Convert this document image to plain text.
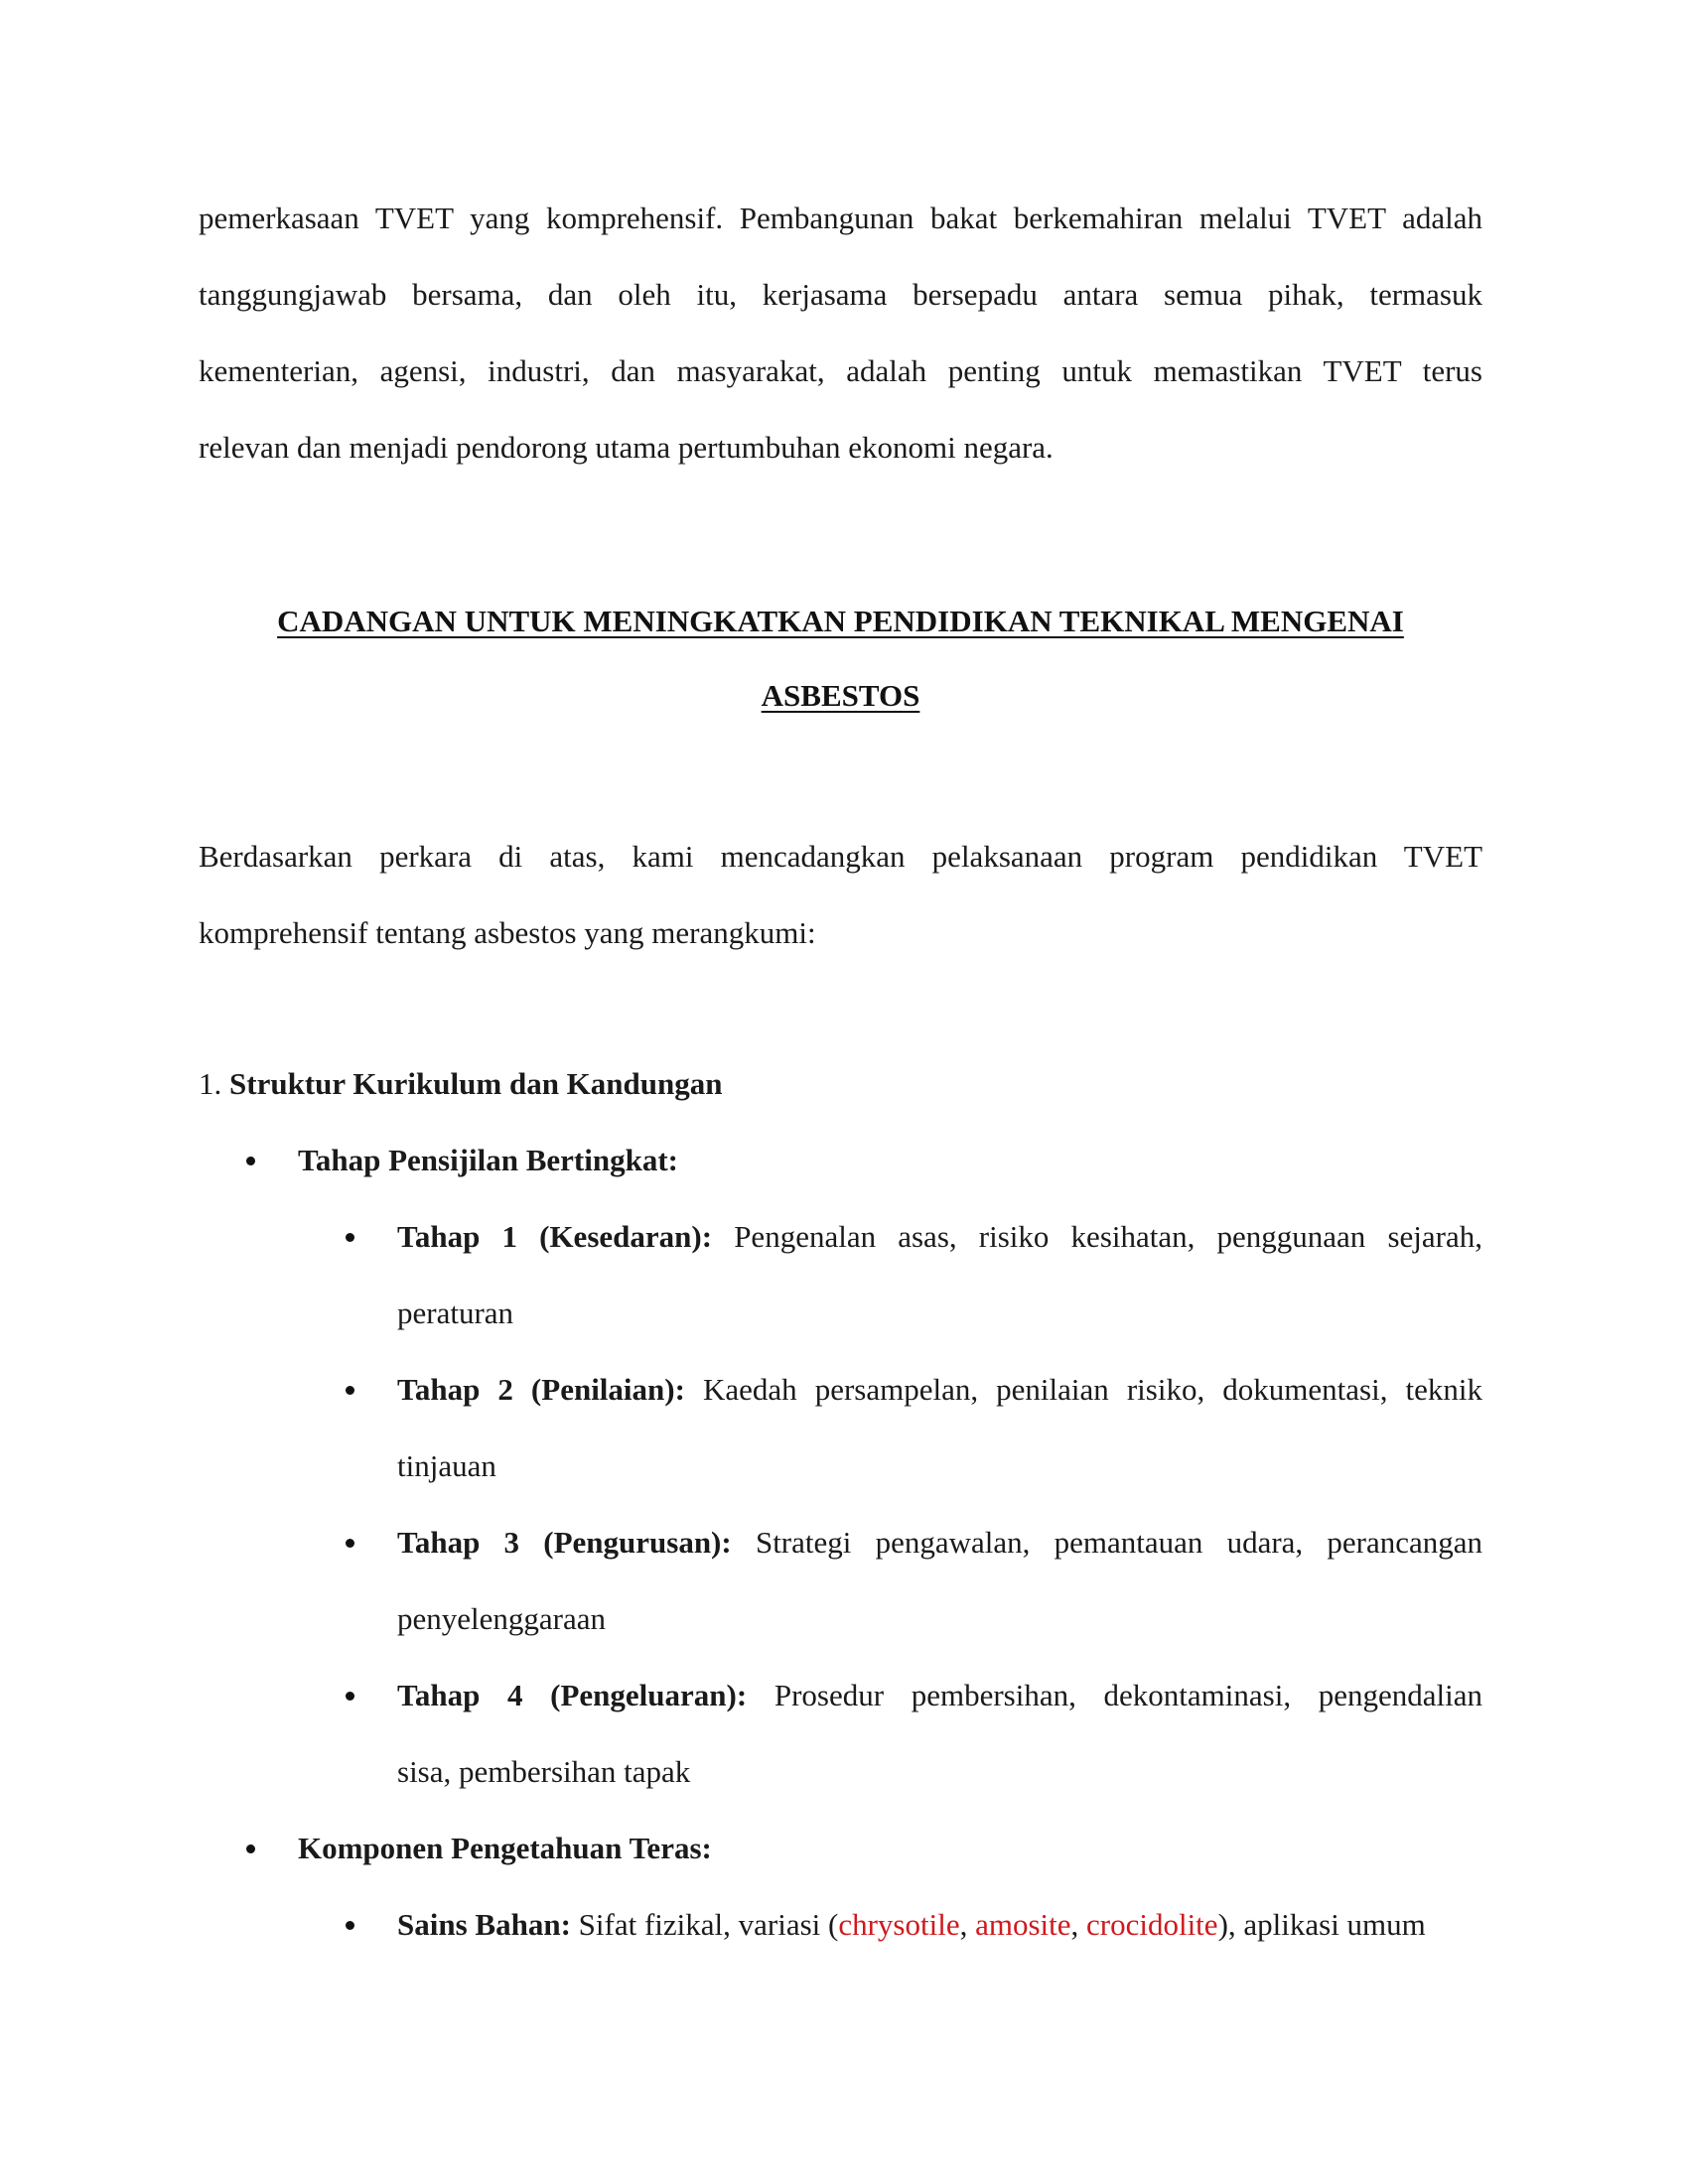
pemerkasaan TVET yang komprehensif. Pembangunan bakat berkemahiran melalui TVET adalah
tanggungjawab bersama, dan oleh itu, kerjasama bersepadu antara semua pihak, termasuk
kementerian, agensi, industri, dan masyarakat, adalah penting untuk memastikan TVET terus
relevan dan menjadi pendorong utama pertumbuhan ekonomi negara.
CADANGAN UNTUK MENINGKATKAN PENDIDIKAN TEKNIKAL MENGENAI
ASBESTOS
Berdasarkan perkara di atas, kami mencadangkan pelaksanaan program pendidikan TVET
komprehensif tentang asbestos yang merangkumi:
1. Struktur Kurikulum dan Kandungan
Tahap Pensijilan Bertingkat:
Tahap 1 (Kesedaran): Pengenalan asas, risiko kesihatan, penggunaan sejarah,
peraturan
Tahap 2 (Penilaian): Kaedah persampelan, penilaian risiko, dokumentasi, teknik
tinjauan
Tahap 3 (Pengurusan): Strategi pengawalan, pemantauan udara, perancangan
penyelenggaraan
Tahap 4 (Pengeluaran): Prosedur pembersihan, dekontaminasi, pengendalian
sisa, pembersihan tapak
Komponen Pengetahuan Teras:
Sains Bahan: Sifat fizikal, variasi (chrysotile, amosite, crocidolite), aplikasi umum
